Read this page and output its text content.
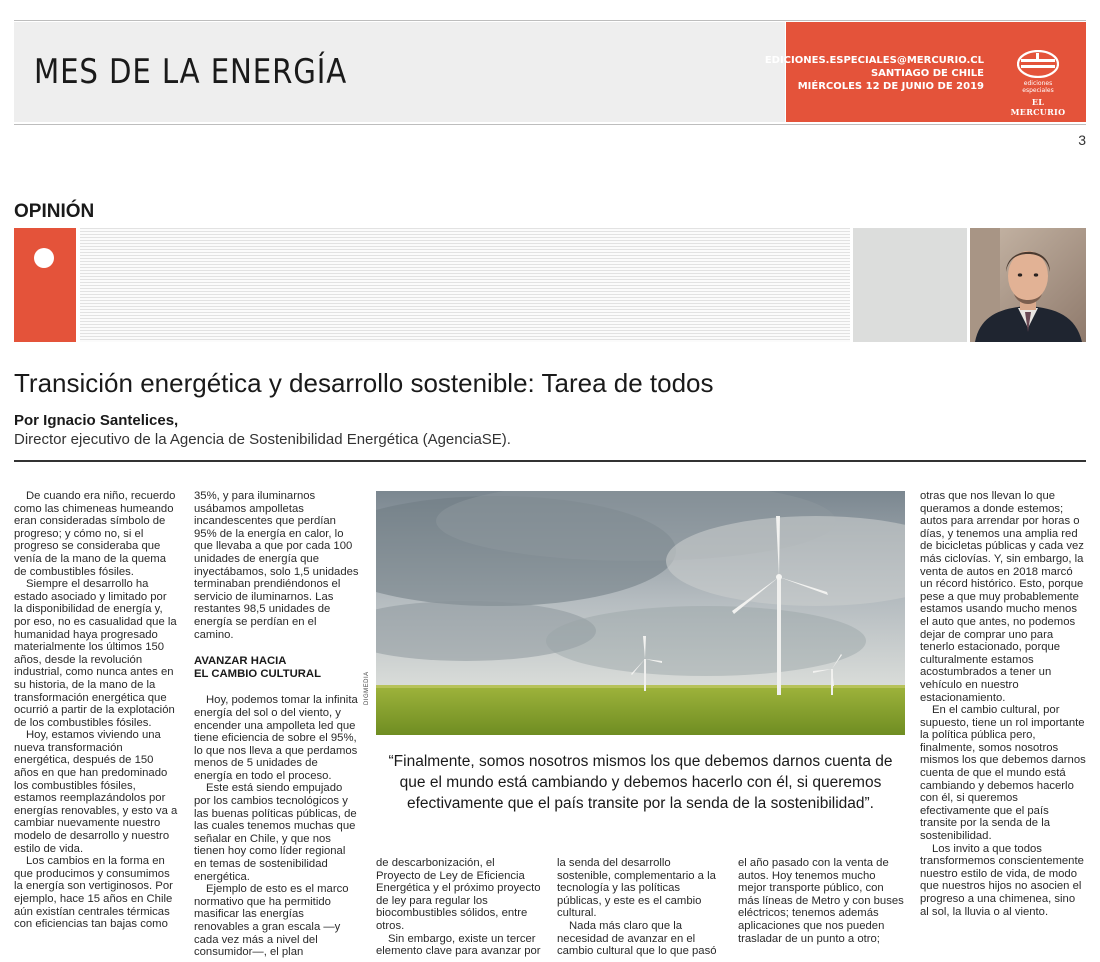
MES DE LA ENERGÍA	EDICIONES.ESPECIALES@MERCURIO.CL
SANTIAGO DE CHILE
MIÉRCOLES 12 DE JUNIO DE 2019	ediciones especiales
EL MERCURIO
3
OPINIÓN
Transición energética y desarrollo sostenible: Tarea de todos
Por Ignacio Santelices,
Director ejecutivo de la Agencia de Sostenibilidad Energética (AgenciaSE).

De cuando era niño, recuerdo como las chimeneas humeando eran consideradas símbolo de progreso; y cómo no, si el progreso se consideraba que venía de la mano de la quema de combustibles fósiles.

Siempre el desarrollo ha estado asociado y limitado por la disponibilidad de energía y, por eso, no es casualidad que la humanidad haya progresado materialmente los últimos 150 años, desde la revolución industrial, como nunca antes en su historia, de la mano de la transformación energética que ocurrió a partir de la explotación de los combustibles fósiles.

Hoy, estamos viviendo una nueva transformación energética, después de 150 años en que han predominado los combustibles fósiles, estamos reemplazándolos por energías renovables, y esto va a cambiar nuevamente nuestro modelo de desarrollo y nuestro estilo de vida.

Los cambios en la forma en que producimos y consumimos la energía son vertiginosos. Por ejemplo, hace 15 años en Chile aún existían centrales térmicas con eficiencias tan bajas como

35%, y para iluminarnos usábamos ampolletas incandescentes que perdían 95% de la energía en calor, lo que llevaba a que por cada 100 unidades de energía que inyectábamos, solo 1,5 unidades terminaban prendiéndonos el servicio de iluminarnos. Las restantes 98,5 unidades de energía se perdían en el camino.

AVANZAR HACIA
EL CAMBIO CULTURAL

Hoy, podemos tomar la infinita energía del sol o del viento, y encender una ampolleta led que tiene eficiencia de sobre el 95%, lo que nos lleva a que perdamos menos de 5 unidades de energía en todo el proceso.

Este está siendo empujado por los cambios tecnológicos y las buenas políticas públicas, de las cuales tenemos muchas que señalar en Chile, y que nos tienen hoy como líder regional en temas de sostenibilidad energética.

Ejemplo de esto es el marco normativo que ha permitido masificar las energías renovables a gran escala —y cada vez más a nivel del consumidor—, el plan

DIGMEDIA
“Finalmente, somos nosotros mismos los que debemos darnos cuenta de que el mundo está cambiando y debemos hacerlo con él, si queremos efectivamente que el país transite por la senda de la sostenibilidad”.

de descarbonización, el Proyecto de Ley de Eficiencia Energética y el próximo proyecto de ley para regular los biocombustibles sólidos, entre otros.

Sin embargo, existe un tercer elemento clave para avanzar por

la senda del desarrollo sostenible, complementario a la tecnología y las políticas públicas, y este es el cambio cultural.

Nada más claro que la necesidad de avanzar en el cambio cultural que lo que pasó

el año pasado con la venta de autos. Hoy tenemos mucho mejor transporte público, con más líneas de Metro y con buses eléctricos; tenemos además aplicaciones que nos pueden trasladar de un punto a otro;

otras que nos llevan lo que queramos a donde estemos; autos para arrendar por horas o días, y tenemos una amplia red de bicicletas públicas y cada vez más ciclovías. Y, sin embargo, la venta de autos en 2018 marcó un récord histórico. Esto, porque pese a que muy probablemente estamos usando mucho menos el auto que antes, no podemos dejar de comprar uno para tenerlo estacionado, porque culturalmente estamos acostumbrados a tener un vehículo en nuestro estacionamiento.

En el cambio cultural, por supuesto, tiene un rol importante la política pública pero, finalmente, somos nosotros mismos los que debemos darnos cuenta de que el mundo está cambiando y debemos hacerlo con él, si queremos efectivamente que el país transite por la senda de la sostenibilidad.

Los invito a que todos transformemos conscientemente nuestro estilo de vida, de modo que nuestros hijos no asocien el progreso a una chimenea, sino al sol, la lluvia o al viento.
